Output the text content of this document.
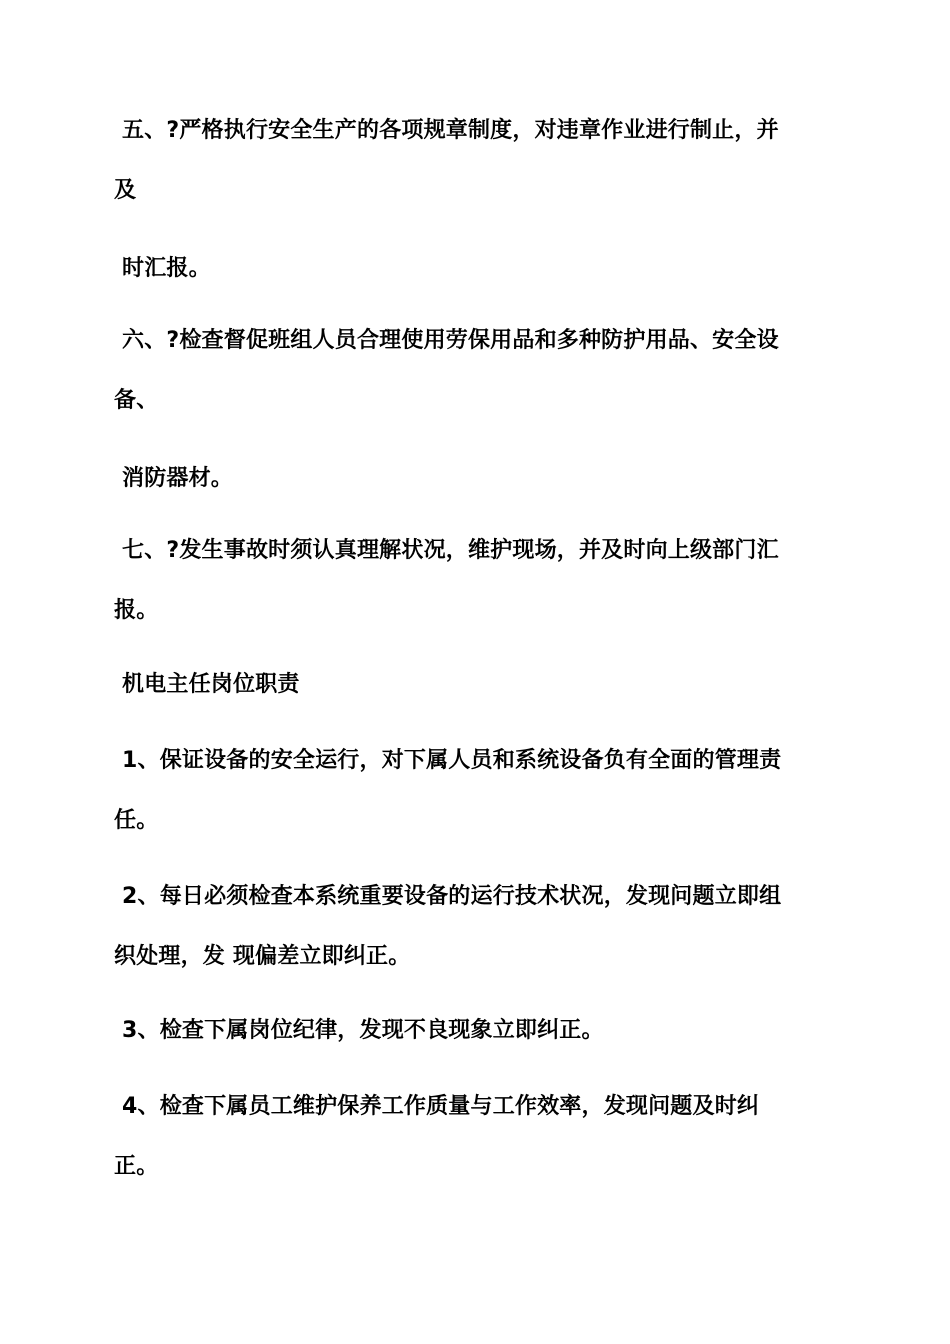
五、?严格执行安全生产的各项规章制度，对违章作业进行制止，并
及
时汇报。
六、?检查督促班组人员合理使用劳保用品和多种防护用品、安全设
备、
消防器材。
七、?发生事故时须认真理解状况，维护现场，并及时向上级部门汇
报。
机电主任岗位职责
1、保证设备的安全运行，对下属人员和系统设备负有全面的管理责
任。
2、每日必须检查本系统重要设备的运行技术状况，发现问题立即组
织处理，发 现偏差立即纠正。
3、检查下属岗位纪律，发现不良现象立即纠正。
4、检查下属员工维护保养工作质量与工作效率，发现问题及时纠
正。
